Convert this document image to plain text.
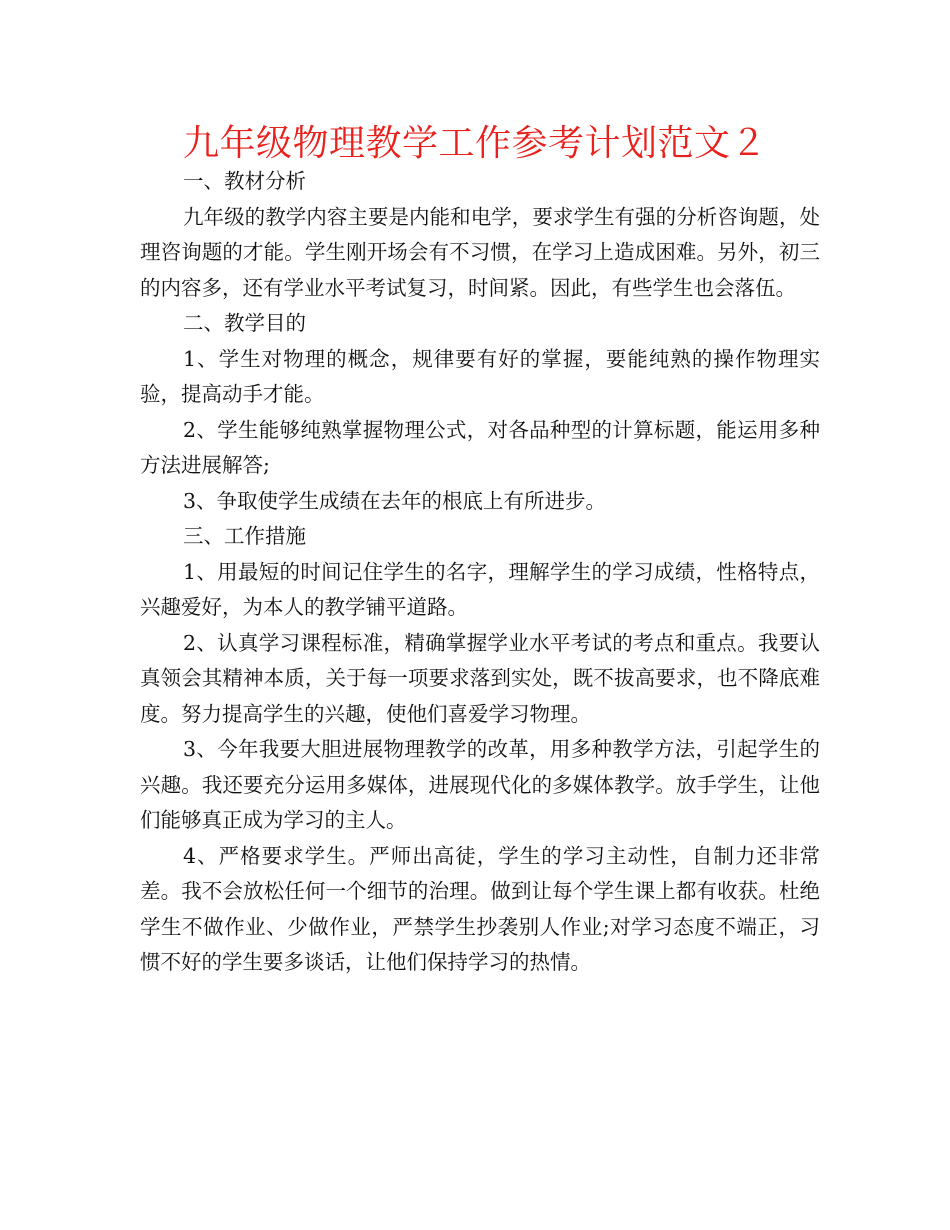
九年级物理教学工作参考计划范文２

一、教材分析

九年级的教学内容主要是内能和电学，要求学生有强的分析咨询题，处理咨询题的才能。学生刚开场会有不习惯，在学习上造成困难。另外，初三的内容多，还有学业水平考试复习，时间紧。因此，有些学生也会落伍。

二、教学目的

1、学生对物理的概念，规律要有好的掌握，要能纯熟的操作物理实验，提高动手才能。

2、学生能够纯熟掌握物理公式，对各品种型的计算标题，能运用多种方法进展解答;

3、争取使学生成绩在去年的根底上有所进步。

三、工作措施

1、用最短的时间记住学生的名字，理解学生的学习成绩，性格特点，兴趣爱好，为本人的教学铺平道路。

2、认真学习课程标准，精确掌握学业水平考试的考点和重点。我要认真领会其精神本质，关于每一项要求落到实处，既不拔高要求，也不降底难度。努力提高学生的兴趣，使他们喜爱学习物理。

3、今年我要大胆进展物理教学的改革，用多种教学方法，引起学生的兴趣。我还要充分运用多媒体，进展现代化的多媒体教学。放手学生，让他们能够真正成为学习的主人。

4、严格要求学生。严师出高徒，学生的学习主动性，自制力还非常差。我不会放松任何一个细节的治理。做到让每个学生课上都有收获。杜绝学生不做作业、少做作业，严禁学生抄袭别人作业;对学习态度不端正，习惯不好的学生要多谈话，让他们保持学习的热情。
